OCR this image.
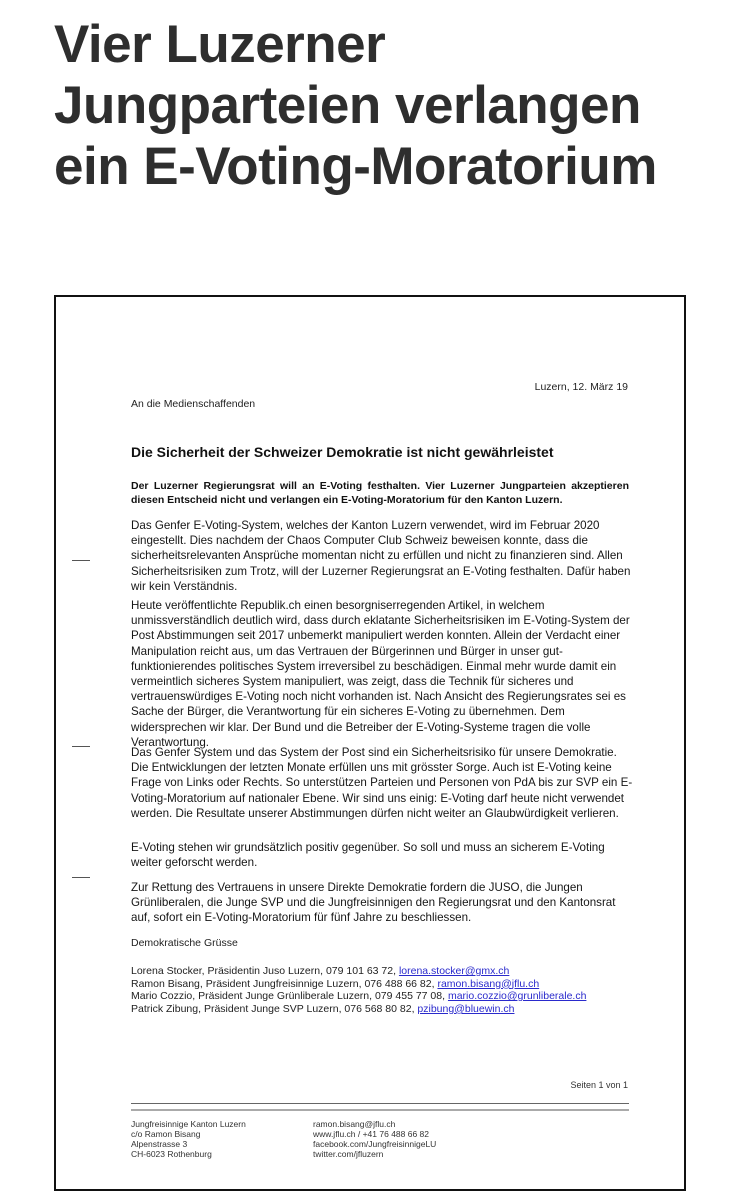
Vier Luzerner
Jungparteien verlangen
ein E-Voting-Moratorium
Luzern, 12. März 19
An die Medienschaffenden
Die Sicherheit der Schweizer Demokratie ist nicht gewährleistet
Der Luzerner Regierungsrat will an E-Voting festhalten. Vier Luzerner Jungparteien akzeptieren diesen Entscheid nicht und verlangen ein E-Voting-Moratorium für den Kanton Luzern.
Das Genfer E-Voting-System, welches der Kanton Luzern verwendet, wird im Februar 2020 eingestellt. Dies nachdem der Chaos Computer Club Schweiz beweisen konnte, dass die sicherheitsrelevanten Ansprüche momentan nicht zu erfüllen und nicht zu finanzieren sind. Allen Sicherheitsrisiken zum Trotz, will der Luzerner Regierungsrat an E-Voting festhalten. Dafür haben wir kein Verständnis.
Heute veröffentlichte Republik.ch einen besorgniserregenden Artikel, in welchem unmissverständlich deutlich wird, dass durch eklatante Sicherheitsrisiken im E-Voting-System der Post Abstimmungen seit 2017 unbemerkt manipuliert werden konnten. Allein der Verdacht einer Manipulation reicht aus, um das Vertrauen der Bürgerinnen und Bürger in unser gut-funktionierendes politisches System irreversibel zu beschädigen. Einmal mehr wurde damit ein vermeintlich sicheres System manipuliert, was zeigt, dass die Technik für sicheres und vertrauenswürdiges E-Voting noch nicht vorhanden ist. Nach Ansicht des Regierungsrates sei es Sache der Bürger, die Verantwortung für ein sicheres E-Voting zu übernehmen. Dem widersprechen wir klar. Der Bund und die Betreiber der E-Voting-Systeme tragen die volle Verantwortung.
Das Genfer System und das System der Post sind ein Sicherheitsrisiko für unsere Demokratie. Die Entwicklungen der letzten Monate erfüllen uns mit grösster Sorge. Auch ist E-Voting keine Frage von Links oder Rechts. So unterstützen Parteien und Personen von PdA bis zur SVP ein E-Voting-Moratorium auf nationaler Ebene. Wir sind uns einig: E-Voting darf heute nicht verwendet werden. Die Resultate unserer Abstimmungen dürfen nicht weiter an Glaubwürdigkeit verlieren.
E-Voting stehen wir grundsätzlich positiv gegenüber. So soll und muss an sicherem E-Voting weiter geforscht werden.
Zur Rettung des Vertrauens in unsere Direkte Demokratie fordern die JUSO, die Jungen Grünliberalen, die Junge SVP und die Jungfreisinnigen den Regierungsrat und den Kantonsrat auf, sofort ein E-Voting-Moratorium für fünf Jahre zu beschliessen.
Demokratische Grüsse
Lorena Stocker, Präsidentin Juso Luzern, 079 101 63 72, lorena.stocker@gmx.ch
Ramon Bisang, Präsident Jungfreisinnige Luzern, 076 488 66 82, ramon.bisang@jflu.ch
Mario Cozzio, Präsident Junge Grünliberale Luzern, 079 455 77 08, mario.cozzio@grunliberale.ch
Patrick Zibung, Präsident Junge SVP Luzern, 076 568 80 82, pzibung@bluewin.ch
Seiten 1 von 1
Jungfreisinnige Kanton Luzern
c/o Ramon Bisang
Alpenstrasse 3
CH-6023 Rothenburg
ramon.bisang@jflu.ch
www.jflu.ch / +41 76 488 66 82
facebook.com/JungfreisinnigeLU
twitter.com/jfluzern
